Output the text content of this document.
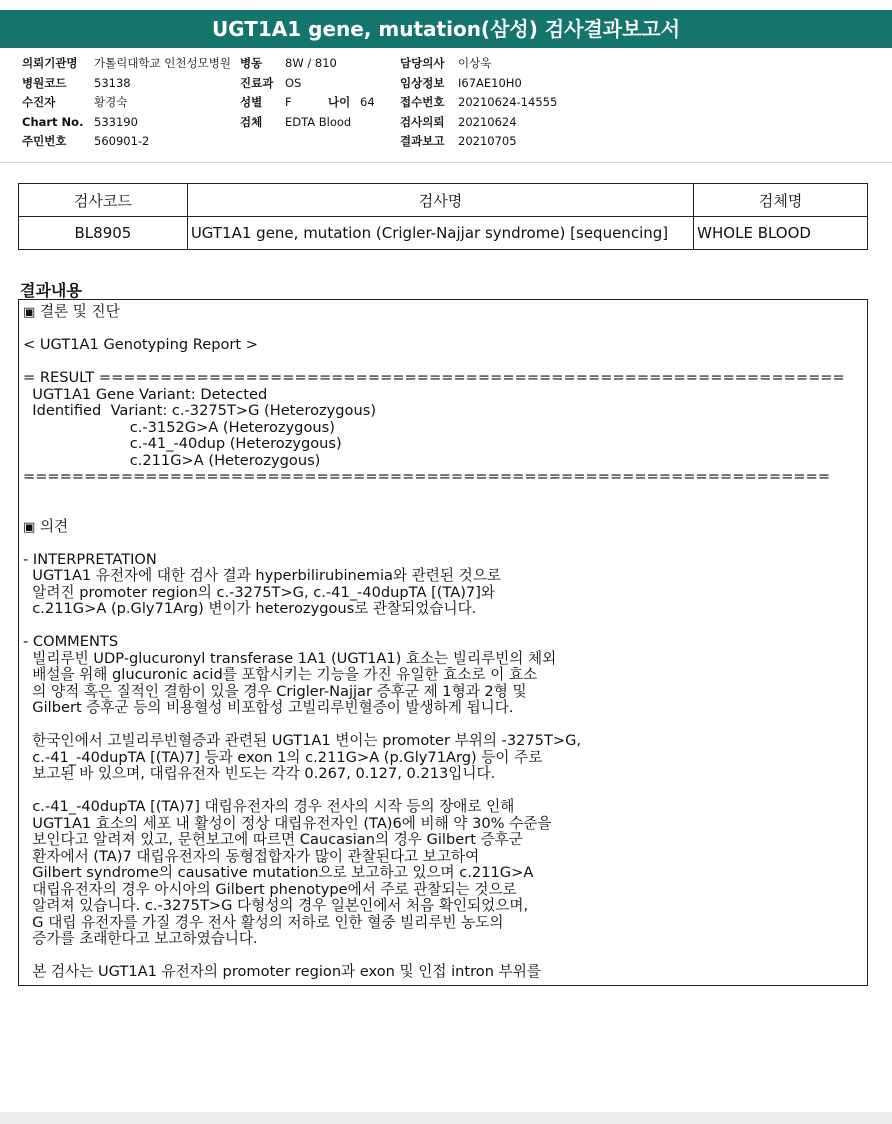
UGT1A1 gene, mutation(삼성) 검사결과보고서
의뢰기관명 가톨릭대학교 인천성모병원
병원코드 53138
수진자	황경숙
Chart No. 533190
주민번호 560901-2
병동 8W / 810
진료과 OS
성별 F	나이 64
검체 EDTA Blood
담당의사 이상욱
임상정보 I67AE10H0
접수번호 20210624-14555
검사의뢰 20210624
결과보고 20210705
검사코드	검사명	검체명
BL8905	UGT1A1 gene, mutation (Crigler-Najjar syndrome) [sequencing]	WHOLE BLOOD
결과내용
▣ 결론 및 진단
< UGT1A1 Genotyping Report >
= RESULT =============================================================
UGT1A1 Gene Variant: Detected
Identified  Variant: c.-3275T>G (Heterozygous)
c.-3152G>A (Heterozygous)
c.-41_-40dup (Heterozygous)
c.211G>A (Heterozygous)
==================================================================
▣ 의견
- INTERPRETATION
UGT1A1 유전자에 대한 검사 결과 hyperbilirubinemia와 관련된 것으로
알려진 promoter region의 c.-3275T>G, c.-41_-40dupTA [(TA)7]와
c.211G>A (p.Gly71Arg) 변이가 heterozygous로 관찰되었습니다.
- COMMENTS
빌리루빈 UDP-glucuronyl transferase 1A1 (UGT1A1) 효소는 빌리루빈의 체외
배설을 위해 glucuronic acid를 포합시키는 기능을 가진 유일한 효소로 이 효소
의 양적 혹은 질적인 결함이 있을 경우 Crigler-Najjar 증후군 제 1형과 2형 및
Gilbert 증후군 등의 비용혈성 비포합성 고빌리루빈혈증이 발생하게 됩니다.
한국인에서 고빌리루빈혈증과 관련된 UGT1A1 변이는 promoter 부위의 -3275T>G,
c.-41_-40dupTA [(TA)7] 등과 exon 1의 c.211G>A (p.Gly71Arg) 등이 주로
보고된 바 있으며, 대립유전자 빈도는 각각 0.267, 0.127, 0.213입니다.
c.-41_-40dupTA [(TA)7] 대립유전자의 경우 전사의 시작 등의 장애로 인해
UGT1A1 효소의 세포 내 활성이 정상 대립유전자인 (TA)6에 비해 약 30% 수준을
보인다고 알려져 있고, 문헌보고에 따르면 Caucasian의 경우 Gilbert 증후군
환자에서 (TA)7 대립유전자의 동형접합자가 많이 관찰된다고 보고하여
Gilbert syndrome의 causative mutation으로 보고하고 있으며 c.211G>A
대립유전자의 경우 아시아의 Gilbert phenotype에서 주로 관찰되는 것으로
알려져 있습니다. c.-3275T>G 다형성의 경우 일본인에서 처음 확인되었으며,
G 대립 유전자를 가질 경우 전사 활성의 저하로 인한 혈중 빌리루빈 농도의
증가를 초래한다고 보고하였습니다.
본 검사는 UGT1A1 유전자의 promoter region과 exon 및 인접 intron 부위를
